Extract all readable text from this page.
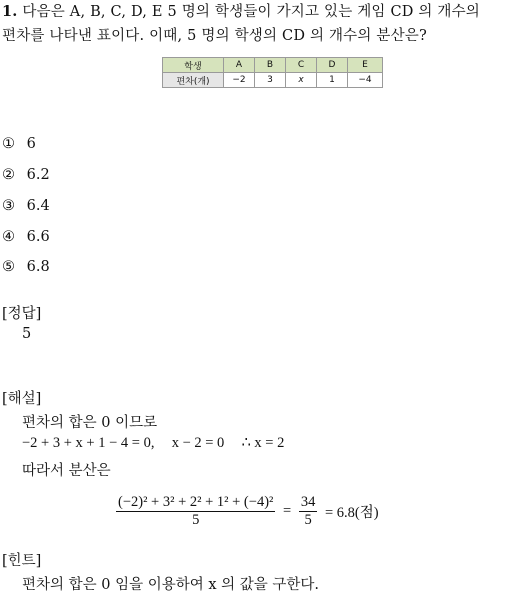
1. 다음은 A, B, C, D, E 5 명의 학생들이 가지고 있는 게임 CD 의 개수의
편차를 나타낸 표이다. 이때, 5 명의 학생의 CD 의 개수의 분산은?
학생	A	B	C	D	E
편차(개)	−2	3	x	1	−4
① 6
② 6.2
③ 6.4
④ 6.6
⑤ 6.8
[정답]
5
[해설]
편차의 합은 0 이므로
−2 + 3 + x + 1 − 4 = 0, x − 2 = 0 ∴ x = 2
따라서 분산은
$\frac{\text{(−2)² + 3² + 2² + 1² + (−4)²}}{5} = \frac{34}{5} = 6.8$(점)
[힌트]
편차의 합은 0 임을 이용하여 x 의 값을 구한다.
